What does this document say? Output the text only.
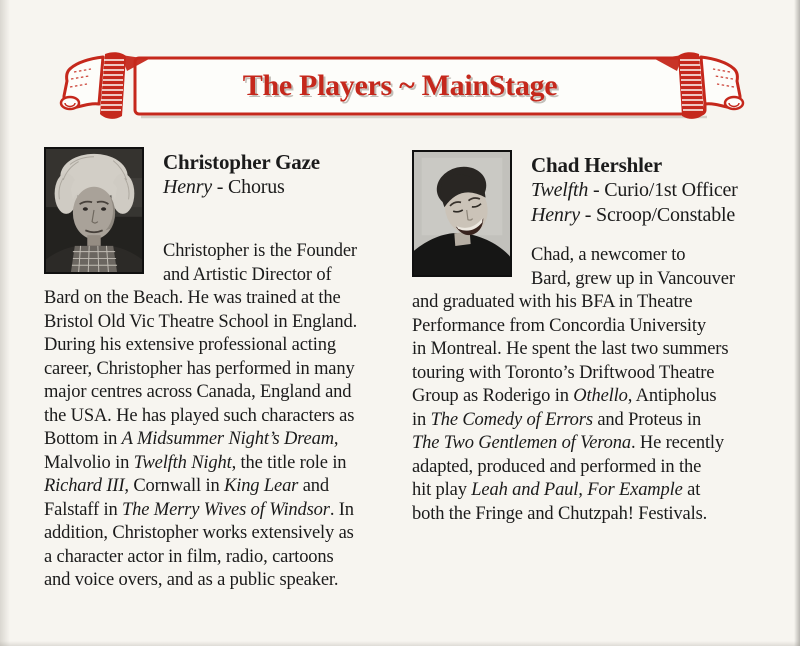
The Players ~ MainStage
Christopher Gaze
Henry - Chorus
Christopher is the Founder
and Artistic Director of
Bard on the Beach. He was trained at the
Bristol Old Vic Theatre School in England.
During his extensive professional acting
career, Christopher has performed in many
major centres across Canada, England and
the USA. He has played such characters as
Bottom in A Midsummer Night’s Dream,
Malvolio in Twelfth Night, the title role in
Richard III, Cornwall in King Lear and
Falstaff in The Merry Wives of Windsor. In
addition, Christopher works extensively as
a character actor in film, radio, cartoons
and voice overs, and as a public speaker.
Chad Hershler
Twelfth - Curio/1st Officer
Henry - Scroop/Constable
Chad, a newcomer to
Bard, grew up in Vancouver
and graduated with his BFA in Theatre
Performance from Concordia University
in Montreal. He spent the last two summers
touring with Toronto’s Driftwood Theatre
Group as Roderigo in Othello, Antipholus
in The Comedy of Errors and Proteus in
The Two Gentlemen of Verona. He recently
adapted, produced and performed in the
hit play Leah and Paul, For Example at
both the Fringe and Chutzpah! Festivals.
